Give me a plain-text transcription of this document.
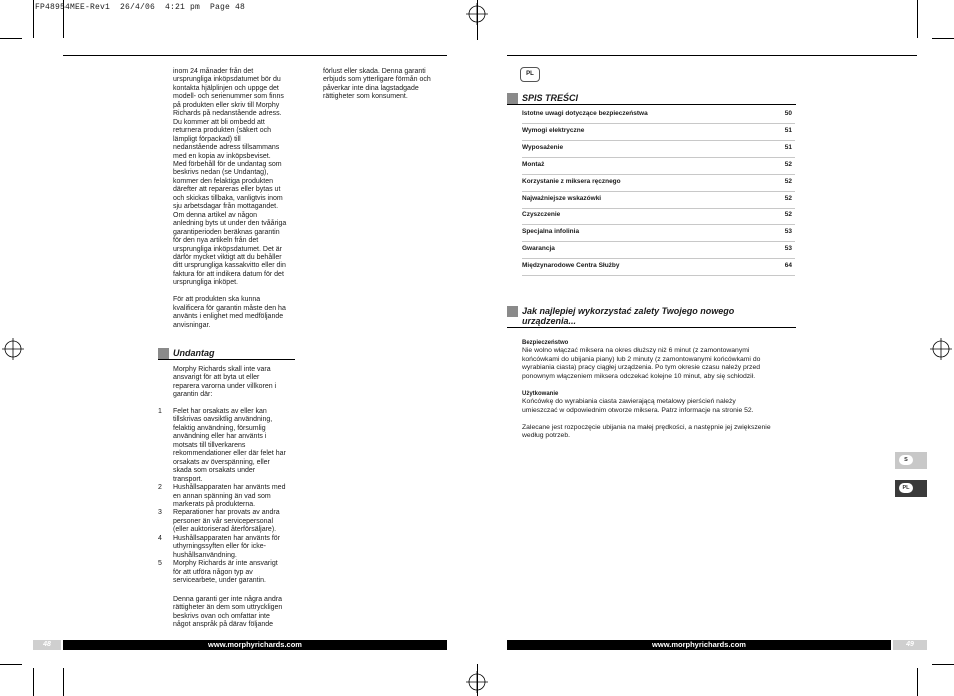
FP48954MEE-Rev1  26/4/06  4:21 pm  Page 48
inom 24 månader från det
ursprungliga inköpsdatumet bör du
kontakta hjälplinjen och uppge det
modell- och serienummer som finns
på produkten eller skriv till Morphy
Richards på nedanstående adress.
Du kommer att bli ombedd att
returnera produkten (säkert och
lämpligt förpackad) till
nedanstående adress tillsammans
med en kopia av inköpsbeviset.
Med förbehåll för de undantag som
beskrivs nedan (se Undantag),
kommer den felaktiga produkten
därefter att repareras eller bytas ut
och skickas tillbaka, vanligtvis inom
sju arbetsdagar från mottagandet.
Om denna artikel av någon
anledning byts ut under den tvååriga
garantiperioden beräknas garantin
för den nya artikeln från det
ursprungliga inköpsdatumet. Det är
därför mycket viktigt att du behåller
ditt ursprungliga kassakvitto eller din
faktura för att indikera datum för det
ursprungliga inköpet.
För att produkten ska kunna
kvalificera för garantin måste den ha
använts i enlighet med medföljande
anvisningar.
Undantag
Morphy Richards skall inte vara
ansvarigt för att byta ut eller
reparera varorna under villkoren i
garantin där:
1 Felet har orsakats av eller kan
tillskrivas oavsiktlig användning,
felaktig användning, försumlig
användning eller har använts i
motsats till tillverkarens
rekommendationer eller där felet har
orsakats av överspänning, eller
skada som orsakats under
transport.
2 Hushållsapparaten har använts med
en annan spänning än vad som
markerats på produkterna.
3 Reparationer har provats av andra
personer än vår servicepersonal
(eller auktoriserad återförsäljare).
4 Hushållsapparaten har använts för
uthyrningssyften eller för icke-
hushållsanvändning.
5 Morphy Richards är inte ansvarigt
för att utföra någon typ av
servicearbete, under garantin.
Denna garanti ger inte några andra
rättigheter än dem som uttryckligen
beskrivs ovan och omfattar inte
något anspråk på därav följande
förlust eller skada. Denna garanti
erbjuds som ytterligare förmån och
påverkar inte dina lagstadgade
rättigheter som konsument.
48	www.morphyrichards.com
PL
SPIS TREŚCI
Istotne uwagi dotyczące bezpieczeństwa	50
Wymogi elektryczne	51
Wyposażenie	51
Montaż	52
Korzystanie z miksera ręcznego	52
Najważniejsze wskazówki	52
Czyszczenie	52
Specjalna infolinia	53
Gwarancja	53
Międzynarodowe Centra Służby	64
Jak najlepiej wykorzystać zalety Twojego nowego
urządzenia...
Bezpieczeństwo
Nie wolno włączać miksera na okres dłuższy niż 6 minut (z zamontowanymi
końcówkami do ubijania piany) lub 2 minuty (z zamontowanymi końcówkami do
wyrabiania ciasta) pracy ciągłej urządzenia. Po tym okresie czasu należy przed
ponownym włączeniem miksera odczekać kolejne 10 minut, aby się schłodził.
Użytkowanie
Końcówkę do wyrabiania ciasta zawierającą metalowy pierścień należy
umieszczać w odpowiednim otworze miksera. Patrz informacje na stronie 52.
Zalecane jest rozpoczęcie ubijania na małej prędkości, a następnie jej zwiększenie
według potrzeb.
S
PL
www.morphyrichards.com	49
